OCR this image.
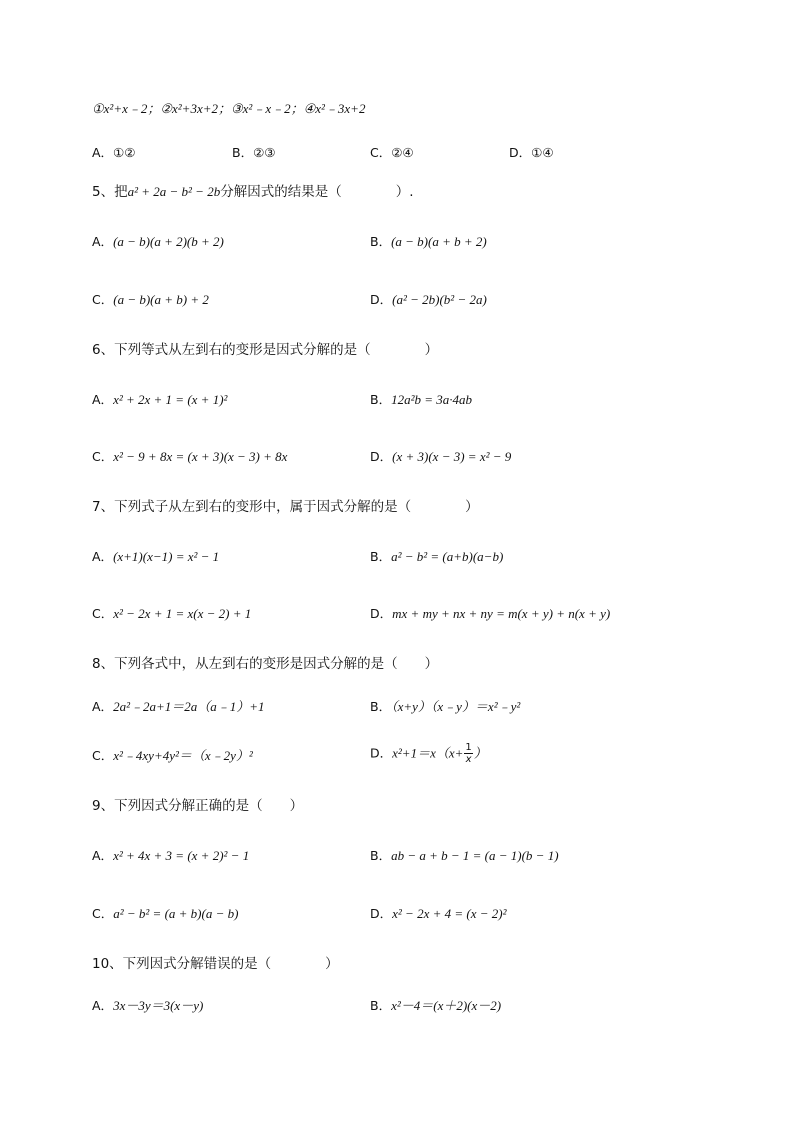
①x²+x﹣2；②x²+3x+2；③x²﹣x﹣2；④x²﹣3x+2
A．①②	B．②③	C．②④	D．①④
5、把a² + 2a − b² − 2b分解因式的结果是（　　　　）.
A．(a − b)(a + 2)(b + 2)	B．(a − b)(a + b + 2)
C．(a − b)(a + b) + 2	D．(a² − 2b)(b² − 2a)
6、下列等式从左到右的变形是因式分解的是（　　　　）
A．x² + 2x + 1 = (x + 1)²	B．12a²b = 3a·4ab
C．x² − 9 + 8x = (x + 3)(x − 3) + 8x	D．(x + 3)(x − 3) = x² − 9
7、下列式子从左到右的变形中，属于因式分解的是（　　　　）
A．(x+1)(x−1) = x² − 1	B．a² − b² = (a+b)(a−b)
C．x² − 2x + 1 = x(x − 2) + 1	D．mx + my + nx + ny = m(x + y) + n(x + y)
8、下列各式中，从左到右的变形是因式分解的是（　　）
A．2a²﹣2a+1＝2a（a﹣1）+1	B．（x+y）（x﹣y）＝x²﹣y²
C．x²﹣4xy+4y²＝（x﹣2y）²	D．$x^2+1=x(x+ \frac{1}{x}$ ）
9、下列因式分解正确的是（　　）
A．x² + 4x + 3 = (x + 2)² − 1	B．ab − a + b − 1 = (a − 1)(b − 1)
C．a² − b² = (a + b)(a − b)	D．x² − 2x + 4 = (x − 2)²
10、下列因式分解错误的是（　　　　）
A．3x－3y＝3(x－y)	B．x²－4＝(x＋2)(x－2)
